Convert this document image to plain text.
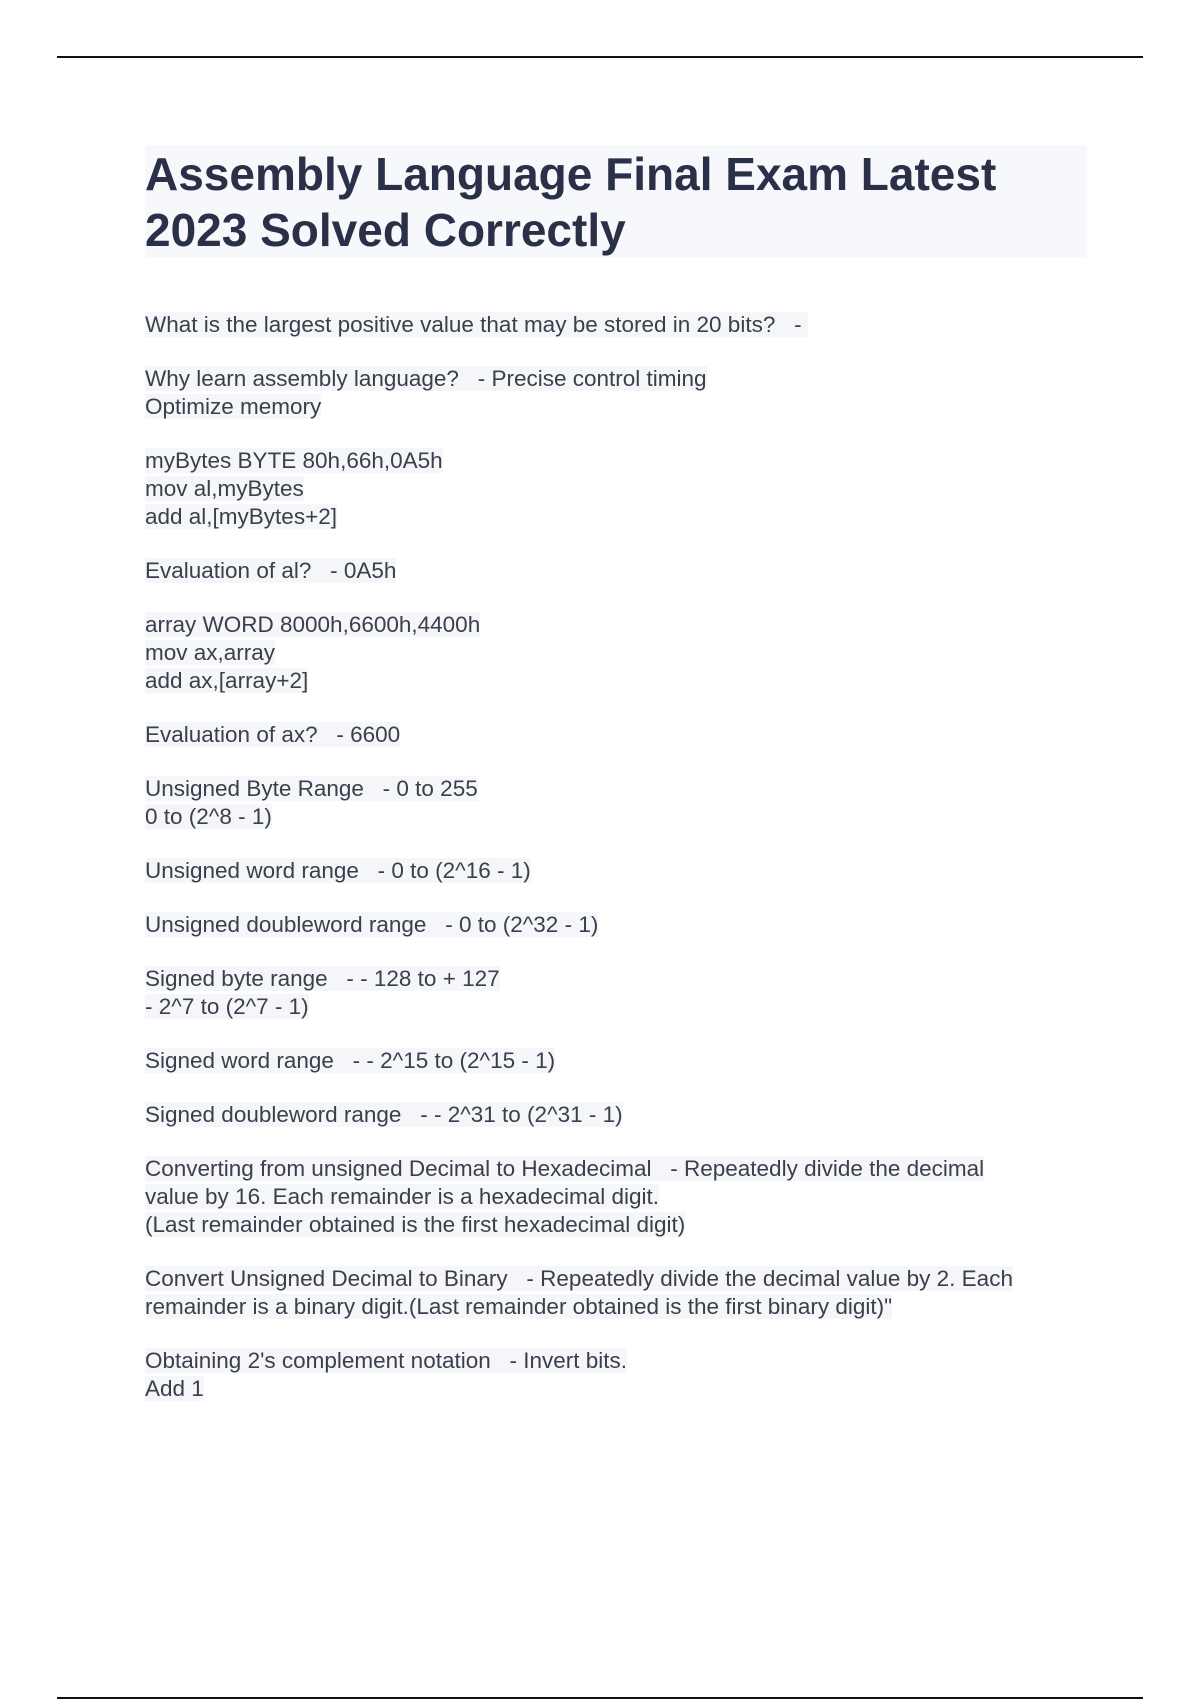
Assembly Language Final Exam Latest 2023 Solved Correctly
What is the largest positive value that may be stored in 20 bits?   -
Why learn assembly language?   - Precise control timing
Optimize memory
myBytes BYTE 80h,66h,0A5h
mov al,myBytes
add al,[myBytes+2]
Evaluation of al?   - 0A5h
array WORD 8000h,6600h,4400h
mov ax,array
add ax,[array+2]
Evaluation of ax?   - 6600
Unsigned Byte Range   - 0 to 255
0 to (2^8 - 1)
Unsigned word range   - 0 to (2^16 - 1)
Unsigned doubleword range   - 0 to (2^32 - 1)
Signed byte range   - - 128 to + 127
- 2^7 to (2^7 - 1)
Signed word range   - - 2^15 to (2^15 - 1)
Signed doubleword range   - - 2^31 to (2^31 - 1)
Converting from unsigned Decimal to Hexadecimal   - Repeatedly divide the decimal
value by 16. Each remainder is a hexadecimal digit.
(Last remainder obtained is the first hexadecimal digit)
Convert Unsigned Decimal to Binary   - Repeatedly divide the decimal value by 2. Each
remainder is a binary digit.(Last remainder obtained is the first binary digit)"
Obtaining 2's complement notation   - Invert bits.
Add 1
